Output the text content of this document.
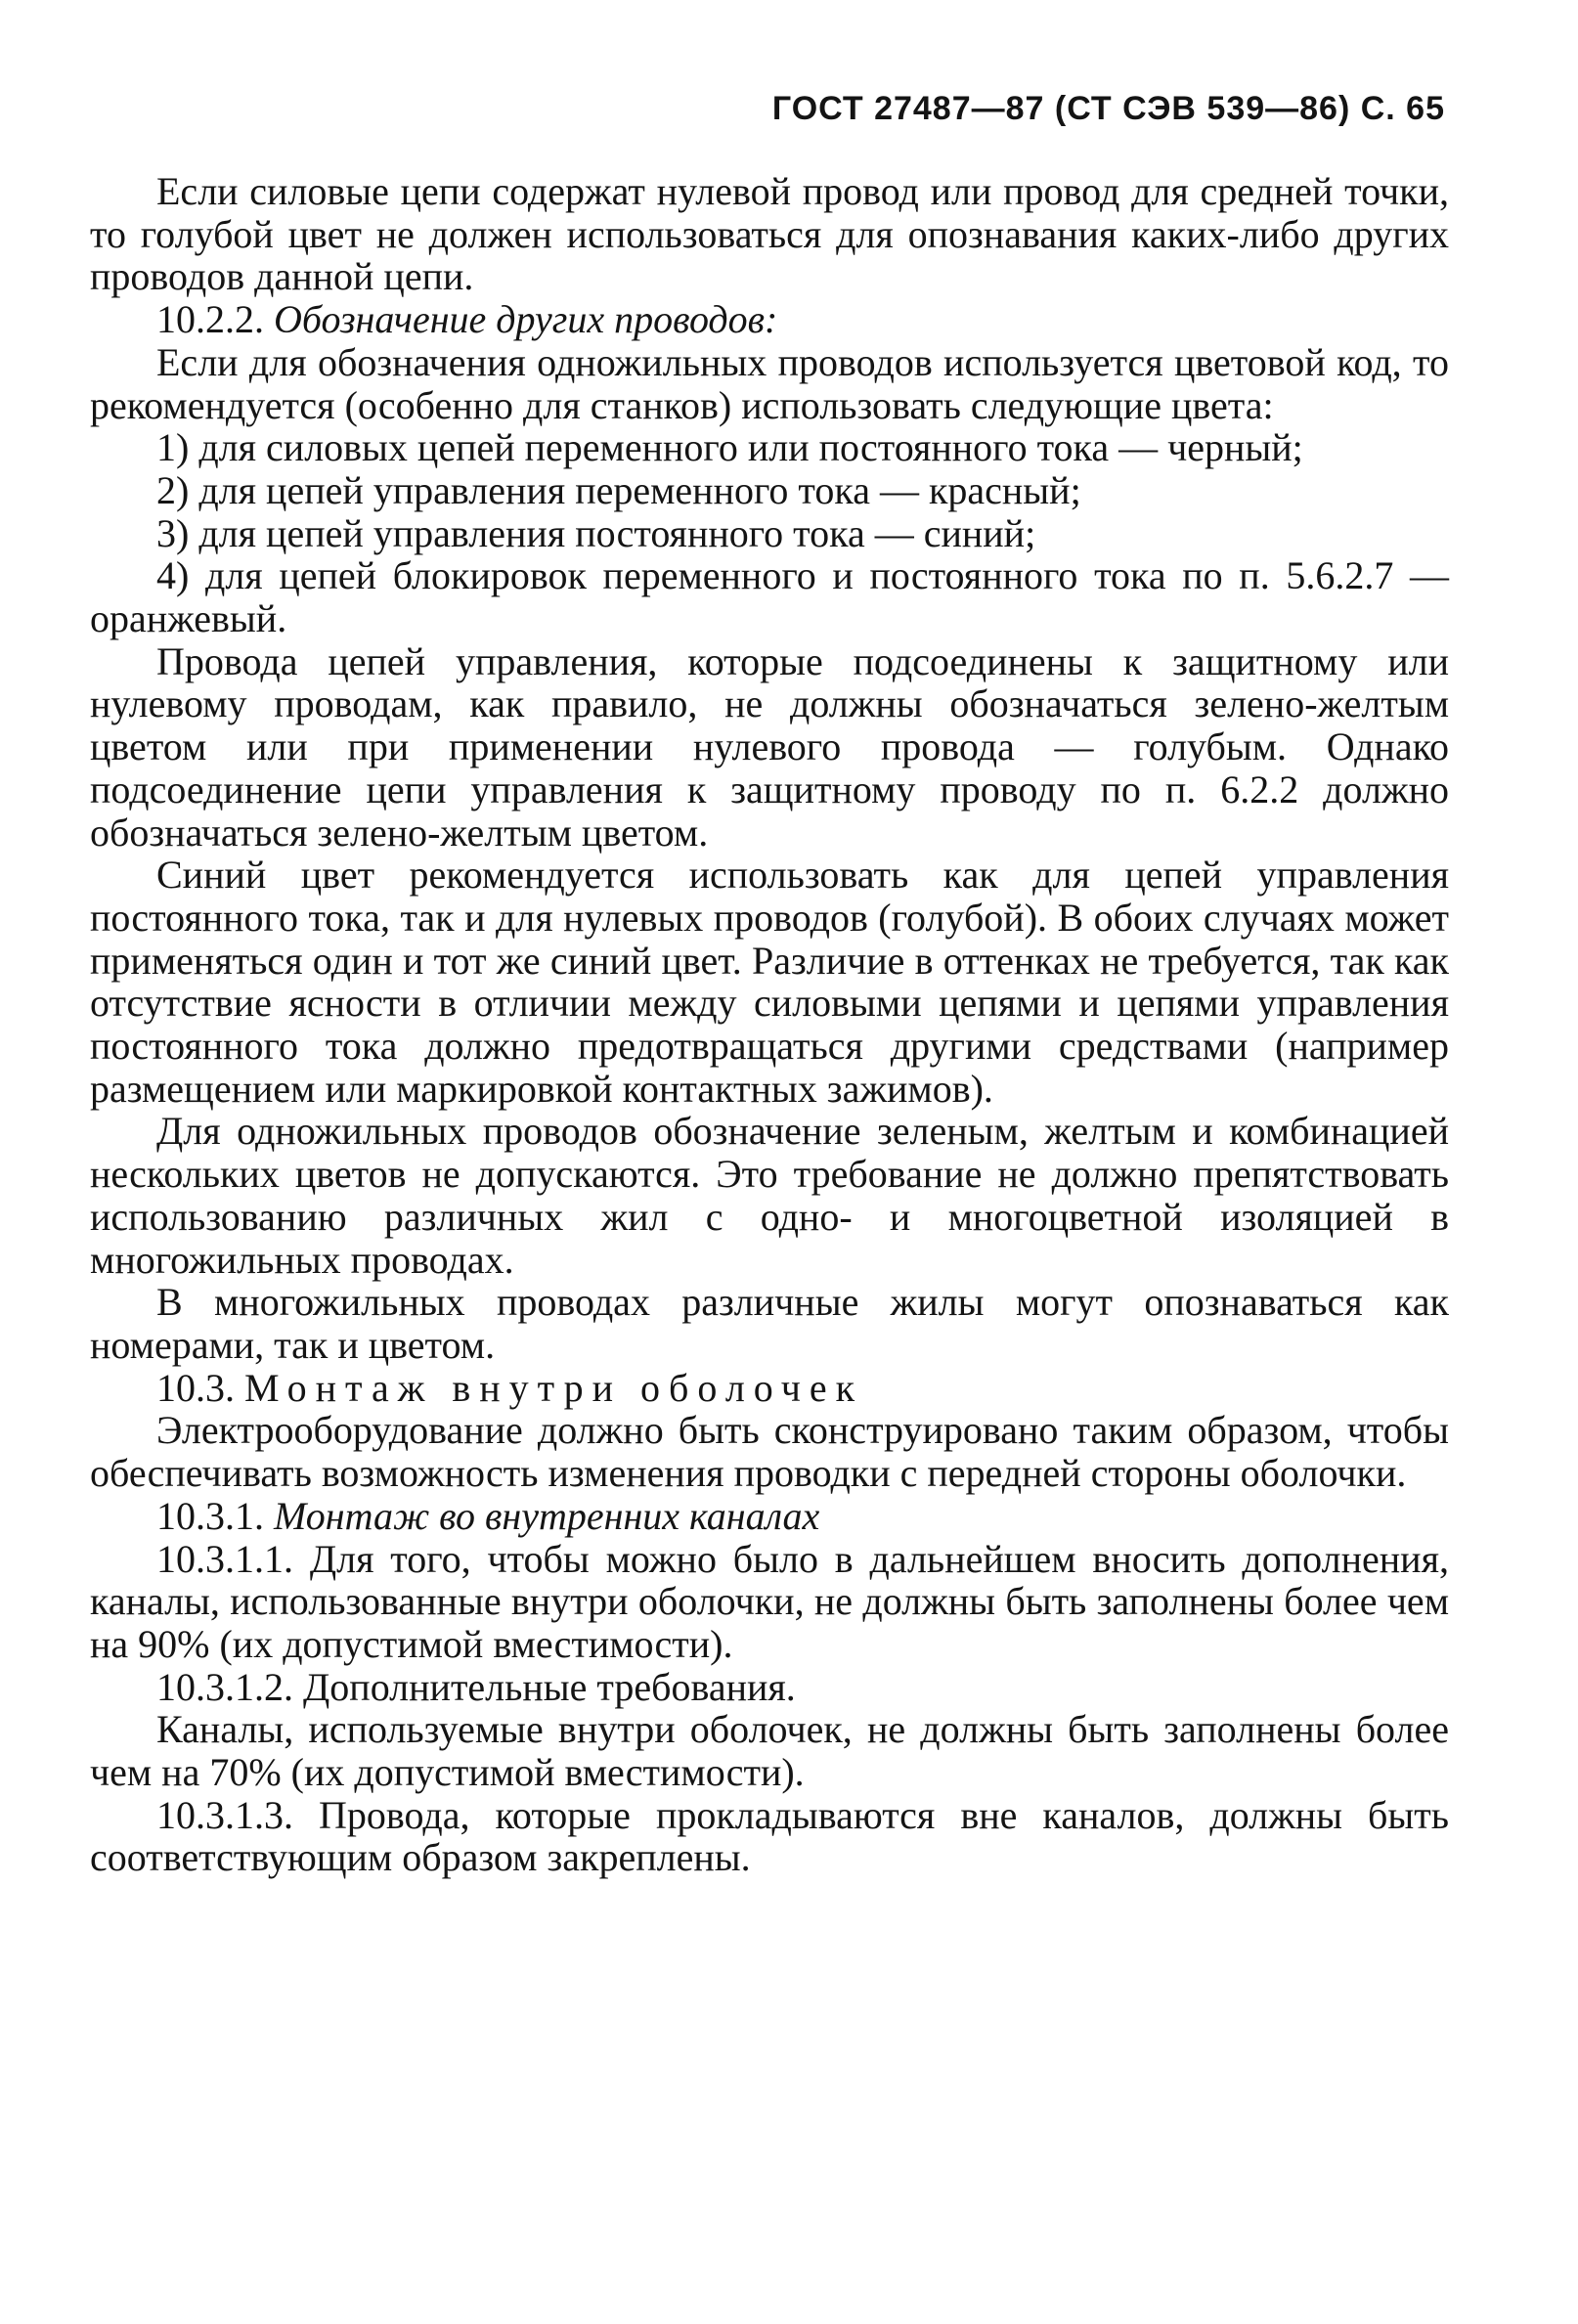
ГОСТ 27487—87 (СТ СЭВ 539—86) С. 65

Если силовые цепи содержат нулевой провод или провод для средней точки, то голубой цвет не должен использоваться для опознавания каких-либо других проводов данной цепи.

10.2.2. Обозначение других проводов:

Если для обозначения одножильных проводов используется цветовой код, то рекомендуется (особенно для станков) использовать следующие цвета:

1) для силовых цепей переменного или постоянного тока — черный;

2) для цепей управления переменного тока — красный;

3) для цепей управления постоянного тока — синий;

4) для цепей блокировок переменного и постоянного тока по п. 5.6.2.7 — оранжевый.

Провода цепей управления, которые подсоединены к защитному или нулевому проводам, как правило, не должны обозначаться зелено-желтым цветом или при применении нулевого провода — голубым. Однако подсоединение цепи управления к защитному проводу по п. 6.2.2 должно обозначаться зелено-желтым цветом.

Синий цвет рекомендуется использовать как для цепей управления постоянного тока, так и для нулевых проводов (голубой). В обоих случаях может применяться один и тот же синий цвет. Различие в оттенках не требуется, так как отсутствие ясности в отличии между силовыми цепями и цепями управления постоянного тока должно предотвращаться другими средствами (например размещением или маркировкой контактных зажимов).

Для одножильных проводов обозначение зеленым, желтым и комбинацией нескольких цветов не допускаются. Это требование не должно препятствовать использованию различных жил с одно- и многоцветной изоляцией в многожильных проводах.

В многожильных проводах различные жилы могут опознаваться как номерами, так и цветом.

10.3. Монтаж внутри оболочек

Электрооборудование должно быть сконструировано таким образом, чтобы обеспечивать возможность изменения проводки с передней стороны оболочки.

10.3.1. Монтаж во внутренних каналах

10.3.1.1. Для того, чтобы можно было в дальнейшем вносить дополнения, каналы, использованные внутри оболочки, не должны быть заполнены более чем на 90% (их допустимой вместимости).

10.3.1.2. Дополнительные требования.

Каналы, используемые внутри оболочек, не должны быть заполнены более чем на 70% (их допустимой вместимости).

10.3.1.3. Провода, которые прокладываются вне каналов, должны быть соответствующим образом закреплены.
